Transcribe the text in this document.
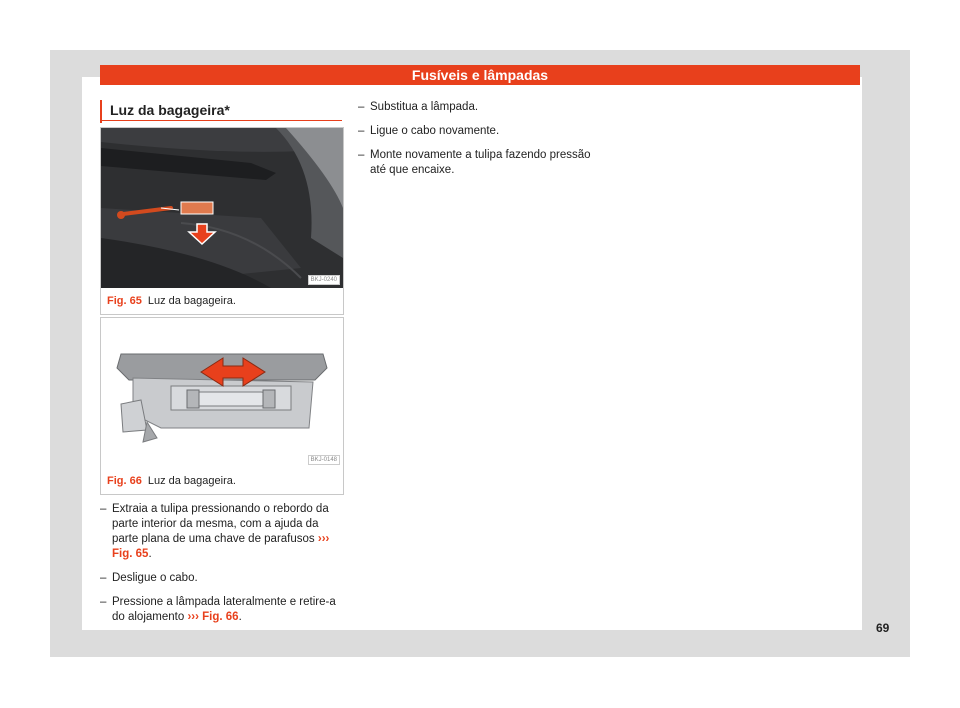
Fusíveis e lâmpadas
Luz da bagageira*
BKJ-0240
Fig. 65 Luz da bagageira.
BKJ-0148
Fig. 66 Luz da bagageira.
– Extraia a tulipa pressionando o rebordo da parte interior da mesma, com a ajuda da parte plana de uma chave de parafusos ››› Fig. 65.
– Desligue o cabo.
– Pressione a lâmpada lateralmente e retire-a do alojamento ››› Fig. 66.
– Substitua a lâmpada.
– Ligue o cabo novamente.
– Monte novamente a tulipa fazendo pressão até que encaixe.
69
